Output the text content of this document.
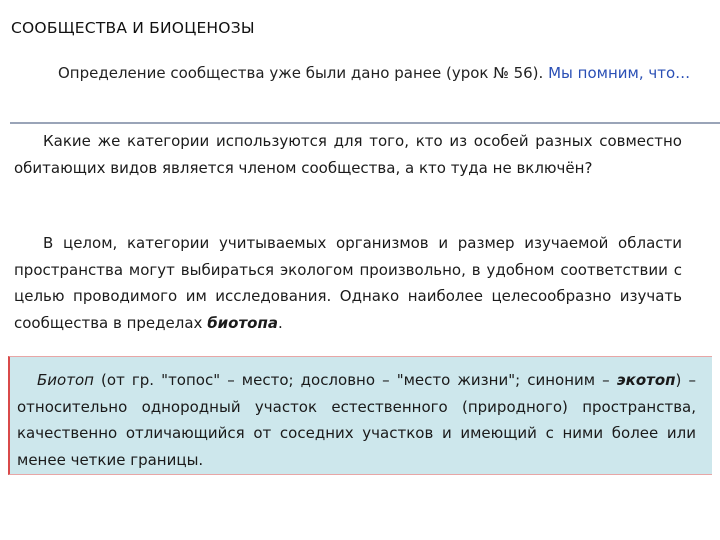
СООБЩЕСТВА И БИОЦЕНОЗЫ
Определение сообщества уже были дано ранее (урок № 56). Мы помним, что…
Какие же категории используются для того, кто из особей разных совместно обитающих видов является членом сообщества, а кто туда не включён?
В целом, категории учитываемых организмов и размер изучаемой области пространства могут выбираться экологом произвольно, в удобном соответствии с целью проводимого им исследования. Однако наиболее целесообразно изучать сообщества в пределах биотопа.
Биотоп (от гр. "топос" – место; дословно – "место жизни"; синоним – экотоп) – относительно однородный участок естественного (природного) пространства, качественно отличающийся от соседних участков и имеющий с ними более или менее четкие границы.
